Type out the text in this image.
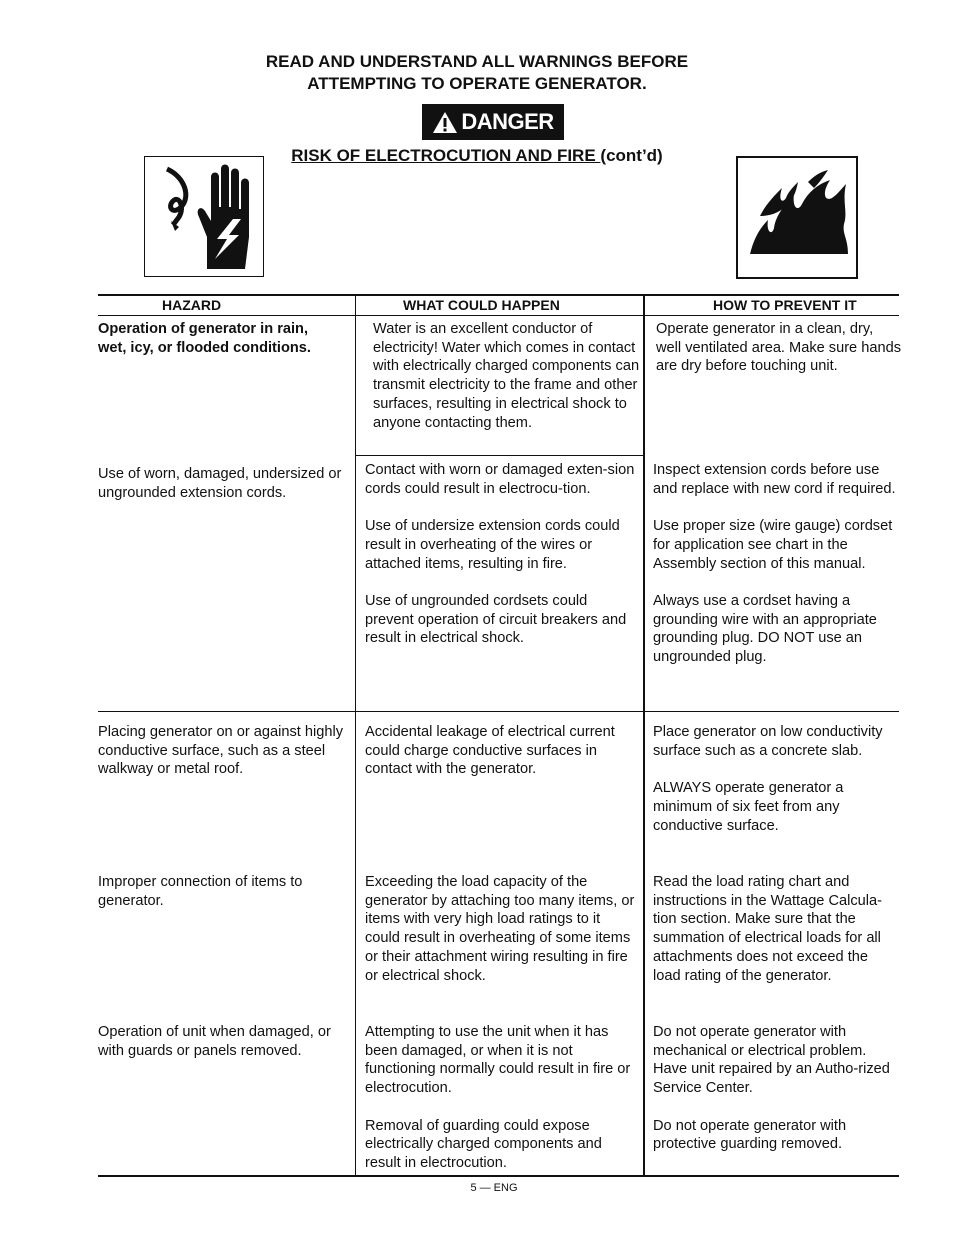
READ AND UNDERSTAND ALL WARNINGS BEFORE
ATTEMPTING TO OPERATE GENERATOR.
DANGER
RISK OF ELECTROCUTION AND FIRE (cont’d)
HAZARD	WHAT COULD HAPPEN	HOW TO PREVENT IT

Operation of generator in rain, wet, icy, or flooded conditions.

Water is an excellent conductor of electricity! Water which comes in contact with electrically charged components can transmit electricity to the frame and other surfaces, resulting in electrical shock to anyone contacting them.

Operate generator in a clean, dry, well ventilated area. Make sure hands are dry before touching unit.

Use of worn, damaged, undersized or ungrounded extension cords.

Contact with worn or damaged exten-sion cords could result in electrocu-tion.

Use of undersize extension cords could result in overheating of the wires or attached items, resulting in fire.

Use of ungrounded cordsets could prevent operation of circuit breakers and result in electrical shock.

Inspect extension cords before use and replace with new cord if required.

Use proper size (wire gauge) cordset for application see chart in the Assembly section of this manual.

Always use a cordset having a grounding wire with an appropriate grounding plug. DO NOT use an ungrounded plug.

Placing generator on or against highly conductive surface, such as a steel walkway or metal roof.

Accidental leakage of electrical current could charge conductive surfaces in contact with the generator.

Place generator on low conductivity surface such as a concrete slab.

ALWAYS operate generator a minimum of six feet from any conductive surface.

Improper connection of items to generator.

Exceeding the load capacity of the generator by attaching too many items, or items with very high load ratings to it could result in overheating of some items or their attachment wiring resulting in fire or electrical shock.

Read the load rating chart and instructions in the Wattage Calcula-tion section. Make sure that the summation of electrical loads for all attachments does not exceed the load rating of the generator.

Operation of unit when damaged, or with guards or panels removed.

Attempting to use the unit when it has been damaged, or when it is not functioning normally could result in fire or electrocution.

Removal of guarding could expose electrically charged components and result in electrocution.

Do not operate generator with mechanical or electrical problem. Have unit repaired by an Autho-rized Service Center.

Do not operate generator with protective guarding removed.

5 — ENG
